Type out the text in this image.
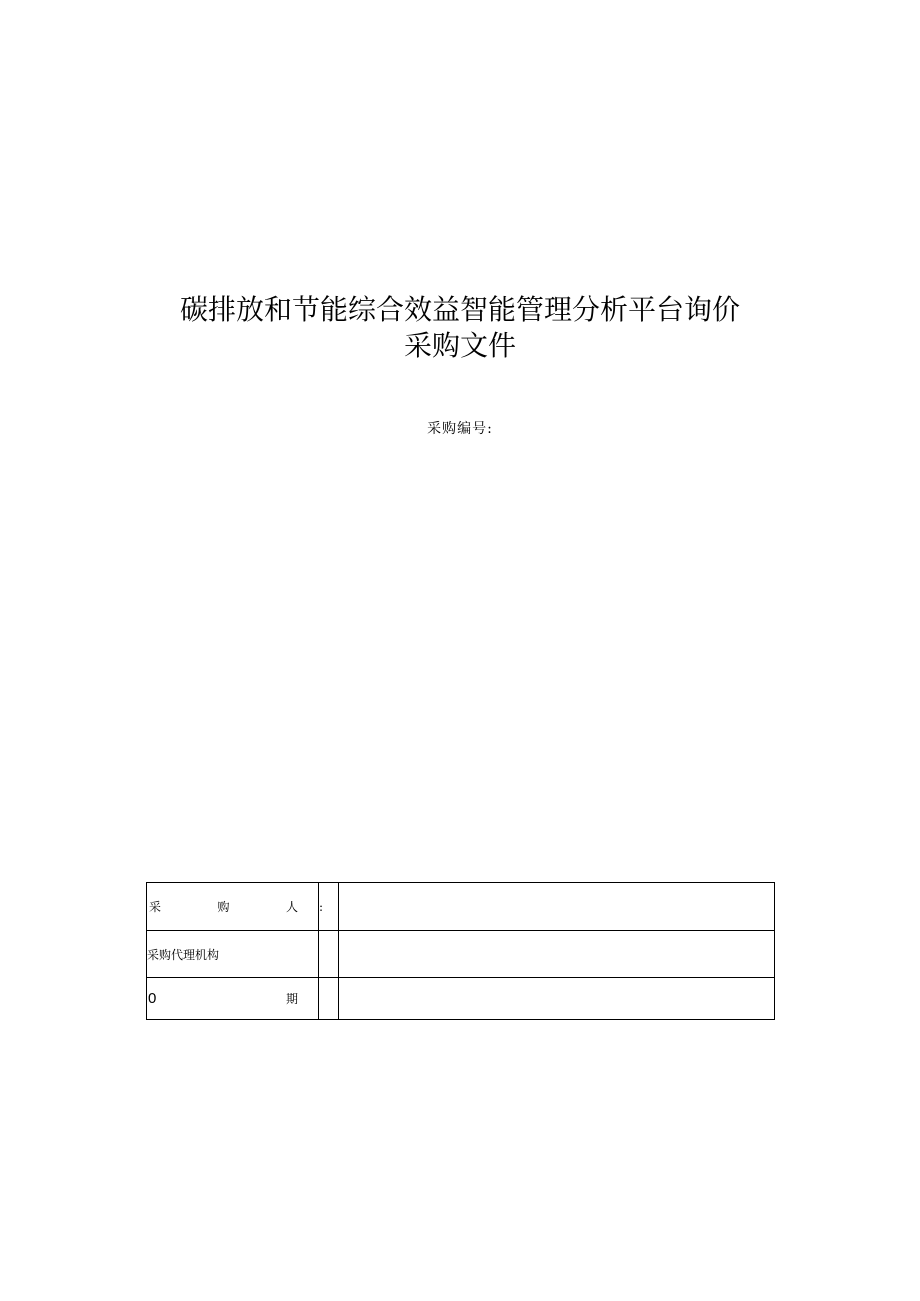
碳排放和节能综合效益智能管理分析平台询价
采购文件
采购编号:
采 购 人	:	
采购代理机构		

0 期		
